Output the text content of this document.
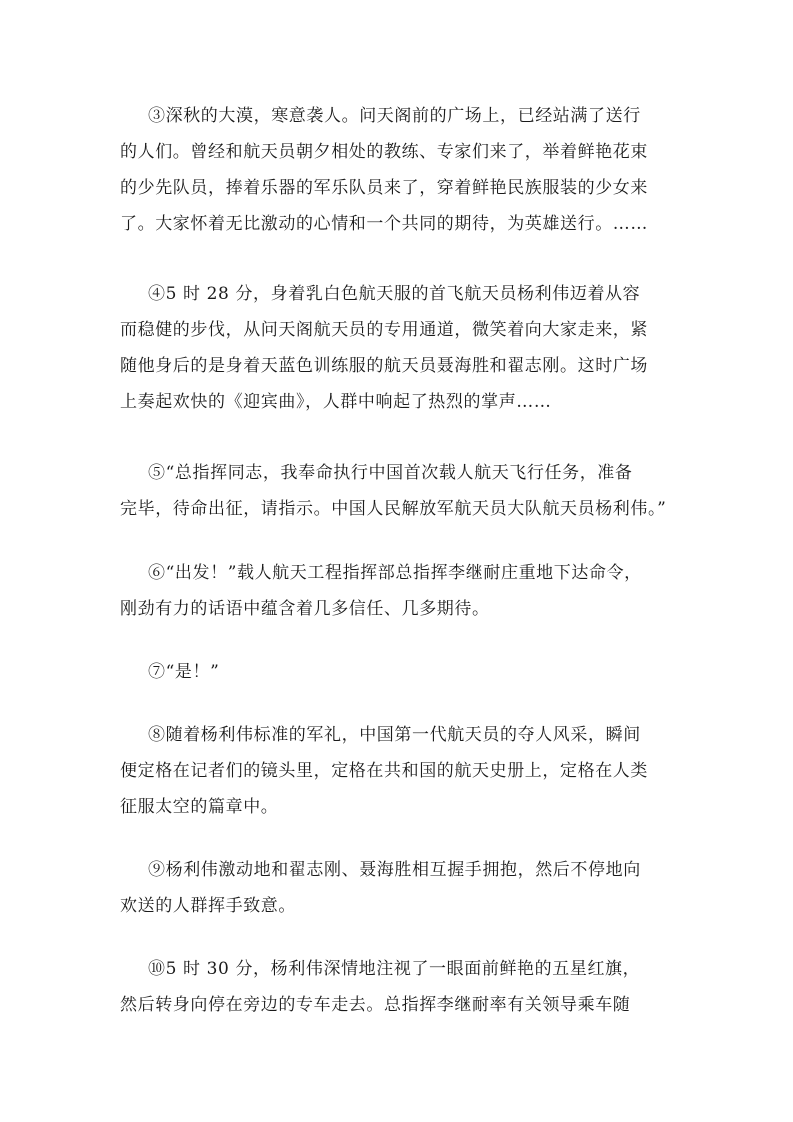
③深秋的大漠，寒意袭人。问天阁前的广场上，已经站满了送行
的人们。曾经和航天员朝夕相处的教练、专家们来了，举着鲜艳花束
的少先队员，捧着乐器的军乐队员来了，穿着鲜艳民族服装的少女来
了。大家怀着无比激动的心情和一个共同的期待，为英雄送行。……
④5 时 28 分，身着乳白色航天服的首飞航天员杨利伟迈着从容
而稳健的步伐，从问天阁航天员的专用通道，微笑着向大家走来，紧
随他身后的是身着天蓝色训练服的航天员聂海胜和翟志刚。这时广场
上奏起欢快的《迎宾曲》，人群中响起了热烈的掌声……
⑤“总指挥同志，我奉命执行中国首次载人航天飞行任务，准备
完毕，待命出征，请指示。中国人民解放军航天员大队航天员杨利伟。”
⑥“出发！”载人航天工程指挥部总指挥李继耐庄重地下达命令，
刚劲有力的话语中蕴含着几多信任、几多期待。
⑦“是！”
⑧随着杨利伟标准的军礼，中国第一代航天员的夺人风采，瞬间
便定格在记者们的镜头里，定格在共和国的航天史册上，定格在人类
征服太空的篇章中。
⑨杨利伟激动地和翟志刚、聂海胜相互握手拥抱，然后不停地向
欢送的人群挥手致意。
⑩5 时 30 分，杨利伟深情地注视了一眼面前鲜艳的五星红旗，
然后转身向停在旁边的专车走去。总指挥李继耐率有关领导乘车随
